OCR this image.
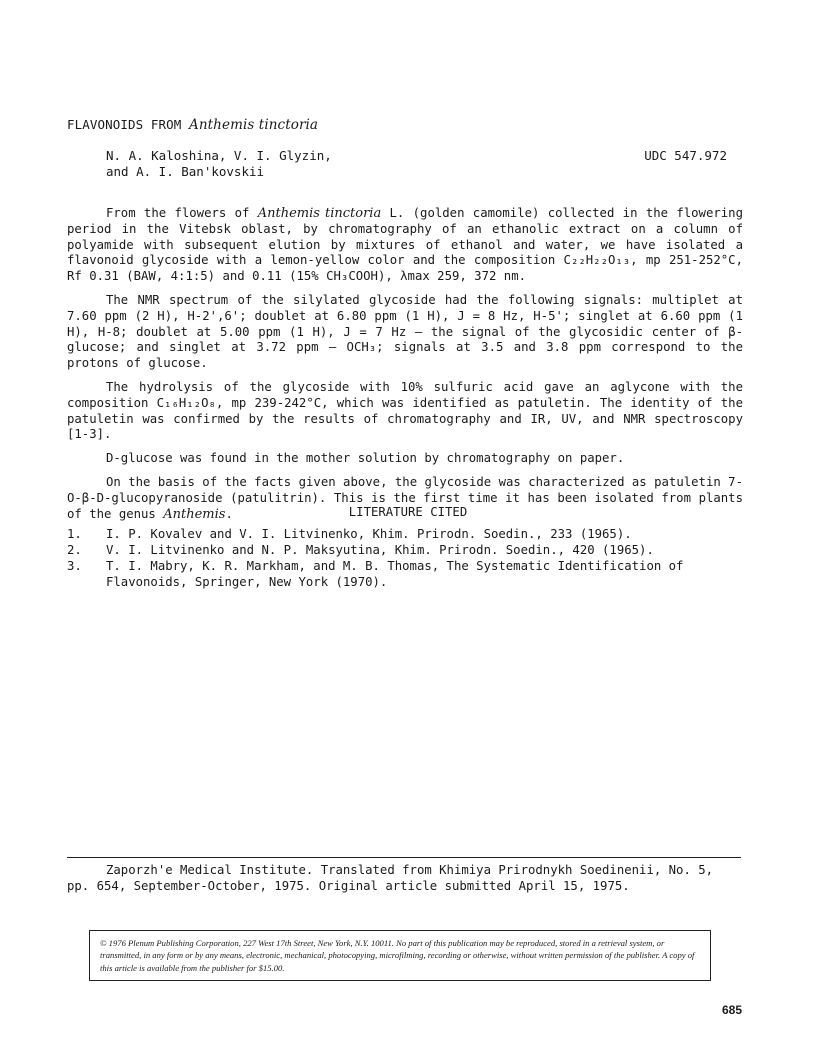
FLAVONOIDS FROM Anthemis tinctoria
N. A. Kaloshina, V. I. Glyzin,
and A. I. Ban'kovskii
UDC 547.972

From the flowers of Anthemis tinctoria L. (golden camomile) collected in the flowering period in the Vitebsk oblast, by chromatography of an ethanolic extract on a column of polyamide with subsequent elution by mixtures of ethanol and water, we have isolated a flavonoid glycoside with a lemon-yellow color and the composition C₂₂H₂₂O₁₃, mp 251-252°C, Rf 0.31 (BAW, 4:1:5) and 0.11 (15% CH₃COOH), λmax 259, 372 nm.

The NMR spectrum of the silylated glycoside had the following signals: multiplet at 7.60 ppm (2 H), H-2',6'; doublet at 6.80 ppm (1 H), J = 8 Hz, H-5'; singlet at 6.60 ppm (1 H), H-8; doublet at 5.00 ppm (1 H), J = 7 Hz — the signal of the glycosidic center of β-glucose; and singlet at 3.72 ppm — OCH₃; signals at 3.5 and 3.8 ppm correspond to the protons of glucose.

The hydrolysis of the glycoside with 10% sulfuric acid gave an aglycone with the composition C₁₆H₁₂O₈, mp 239-242°C, which was identified as patuletin. The identity of the patuletin was confirmed by the results of chromatography and IR, UV, and NMR spectroscopy [1-3].

D-glucose was found in the mother solution by chromatography on paper.

On the basis of the facts given above, the glycoside was characterized as patuletin 7-O-β-D-glucopyranoside (patulitrin). This is the first time it has been isolated from plants of the genus Anthemis.	LITERATURE CITED
1. I. P. Kovalev and V. I. Litvinenko, Khim. Prirodn. Soedin., 233 (1965).
2. V. I. Litvinenko and N. P. Maksyutina, Khim. Prirodn. Soedin., 420 (1965).
3. T. I. Mabry, K. R. Markham, and M. B. Thomas, The Systematic Identification of Flavonoids, Springer, New York (1970).
Zaporzh'e Medical Institute. Translated from Khimiya Prirodnykh Soedinenii, No. 5,
pp. 654, September-October, 1975. Original article submitted April 15, 1975.
© 1976 Plenum Publishing Corporation, 227 West 17th Street, New York, N.Y. 10011. No part of this publication may be reproduced, stored in a retrieval system, or transmitted, in any form or by any means, electronic, mechanical, photocopying, microfilming, recording or otherwise, without written permission of the publisher. A copy of this article is available from the publisher for $15.00.
685
